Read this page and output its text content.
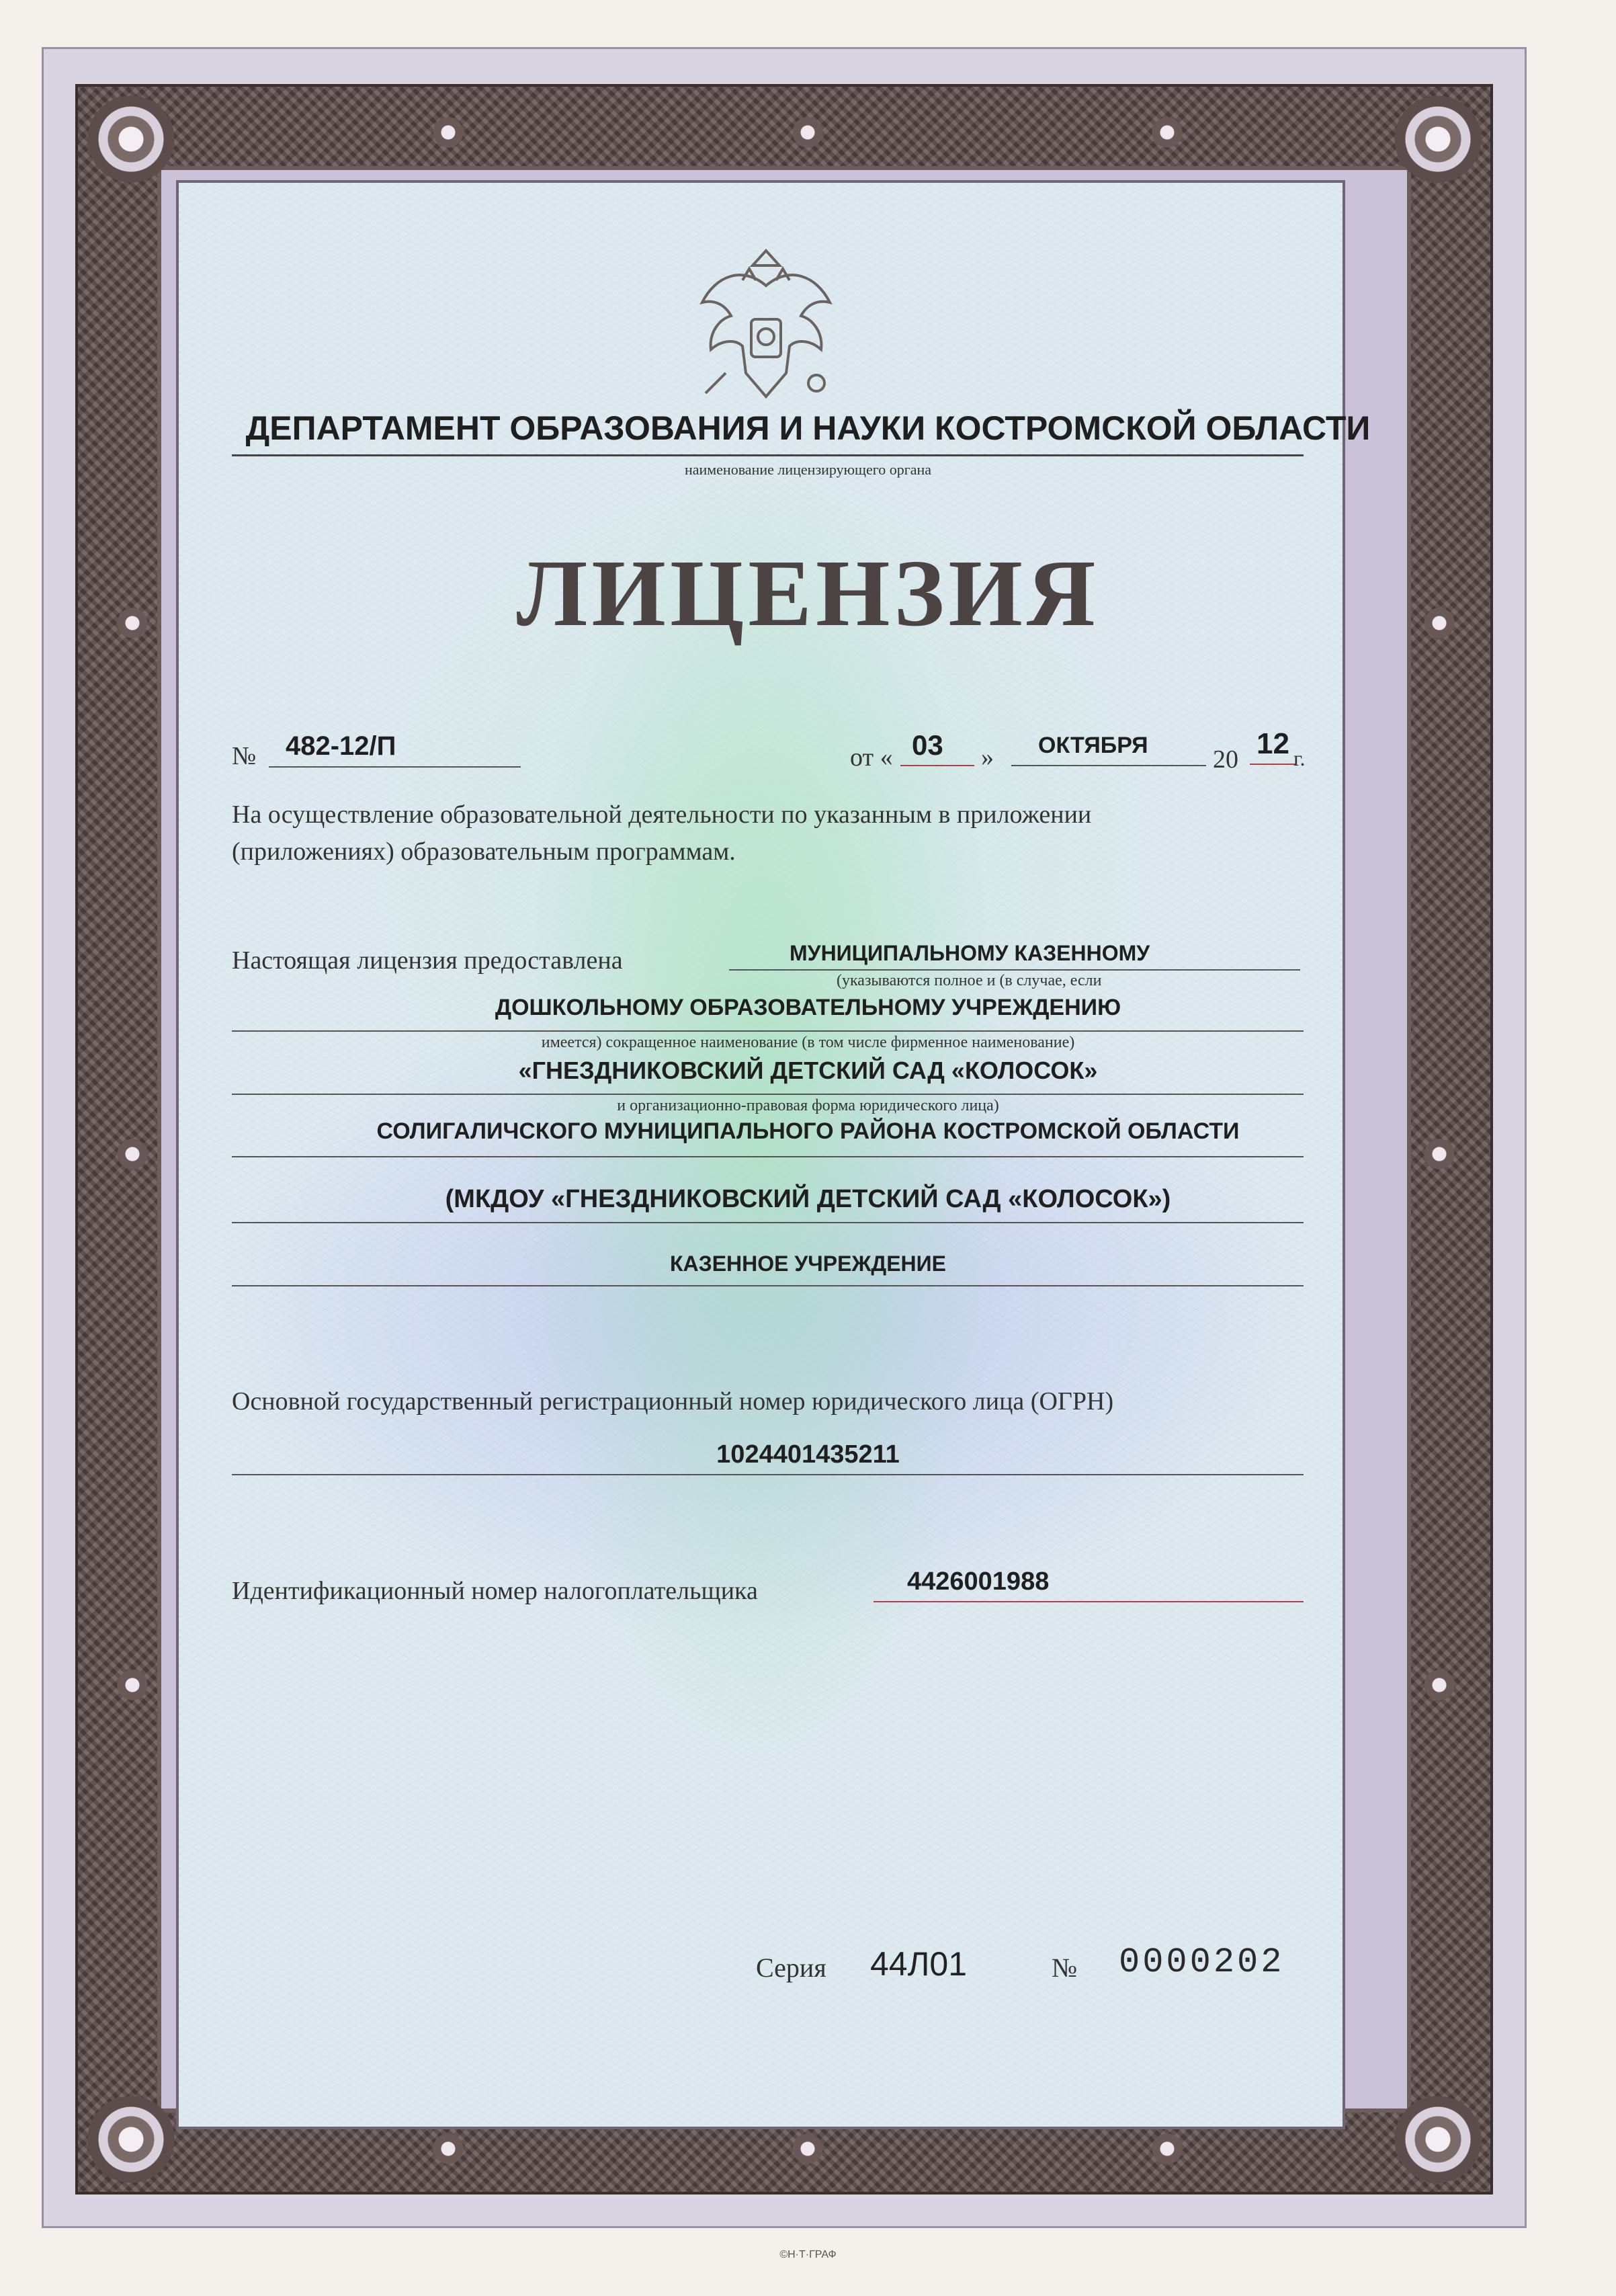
ДЕПАРТАМЕНТ ОБРАЗОВАНИЯ И НАУКИ КОСТРОМСКОЙ ОБЛАСТИ
наименование лицензирующего органа
ЛИЦЕНЗИЯ
№ 482-12/П	от « 03 » ОКТЯБРЯ	20 12 г.
На осуществление образовательной деятельности по указанным в приложении
(приложениях) образовательным программам.
Настоящая лицензия предоставлена	МУНИЦИПАЛЬНОМУ КАЗЕННОМУ
(указываются полное и (в случае, если
ДОШКОЛЬНОМУ ОБРАЗОВАТЕЛЬНОМУ УЧРЕЖДЕНИЮ
имеется) сокращенное наименование (в том числе фирменное наименование)
«ГНЕЗДНИКОВСКИЙ ДЕТСКИЙ САД «КОЛОСОК»
и организационно-правовая форма юридического лица)
СОЛИГАЛИЧСКОГО МУНИЦИПАЛЬНОГО РАЙОНА КОСТРОМСКОЙ ОБЛАСТИ
(МКДОУ «ГНЕЗДНИКОВСКИЙ ДЕТСКИЙ САД «КОЛОСОК»)
КАЗЕННОЕ УЧРЕЖДЕНИЕ
Основной государственный регистрационный номер юридического лица (ОГРН)
1024401435211
Идентификационный номер налогоплательщика	4426001988
Серия 44Л01	№ 0000202
©Н·Т·ГРАФ
